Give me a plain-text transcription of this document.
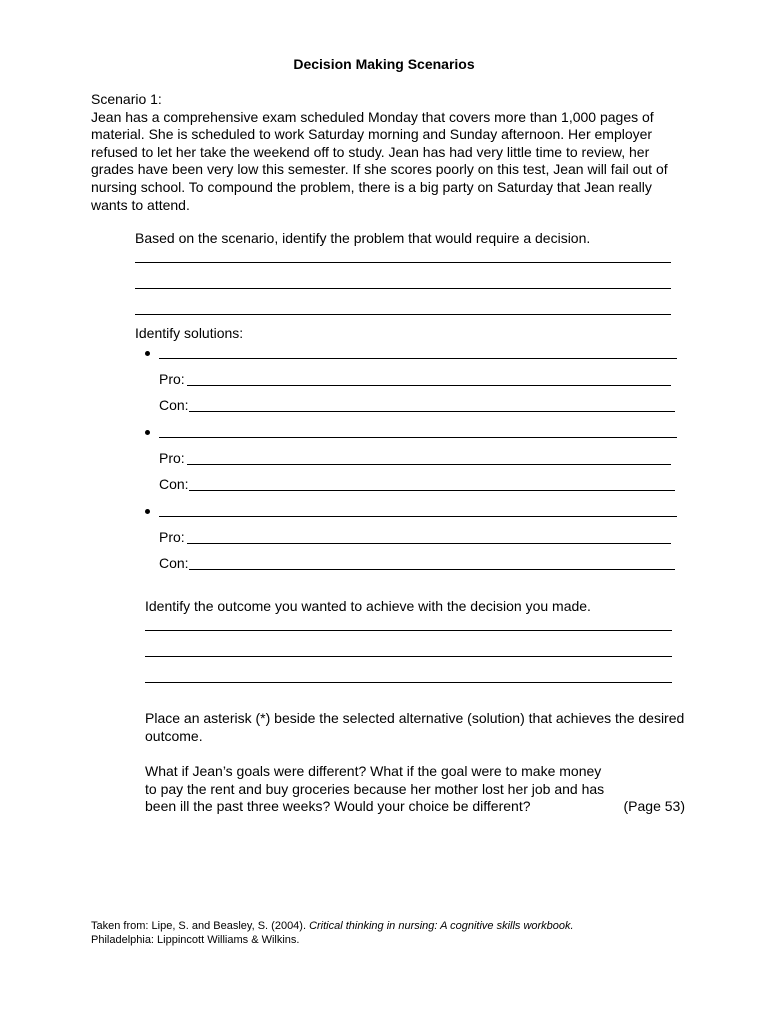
Decision Making Scenarios

Scenario 1:

Jean has a comprehensive exam scheduled Monday that covers more than 1,000 pages of material. She is scheduled to work Saturday morning and Sunday afternoon. Her employer refused to let her take the weekend off to study. Jean has had very little time to review, her grades have been very low this semester. If she scores poorly on this test, Jean will fail out of nursing school. To compound the problem, there is a big party on Saturday that Jean really wants to attend.

Based on the scenario, identify the problem that would require a decision.
Identify solutions:
Pro:
Con:
Pro:
Con:
Pro:
Con:
Identify the outcome you wanted to achieve with the decision you made.

Place an asterisk (*) beside the selected alternative (solution) that achieves the desired outcome.

What if Jean’s goals were different? What if the goal were to make money to pay the rent and buy groceries because her mother lost her job and has been ill the past three weeks? Would your choice be different?	(Page 53)

Taken from: Lipe, S. and Beasley, S. (2004). Critical thinking in nursing: A cognitive skills workbook.

Philadelphia: Lippincott Williams & Wilkins.
